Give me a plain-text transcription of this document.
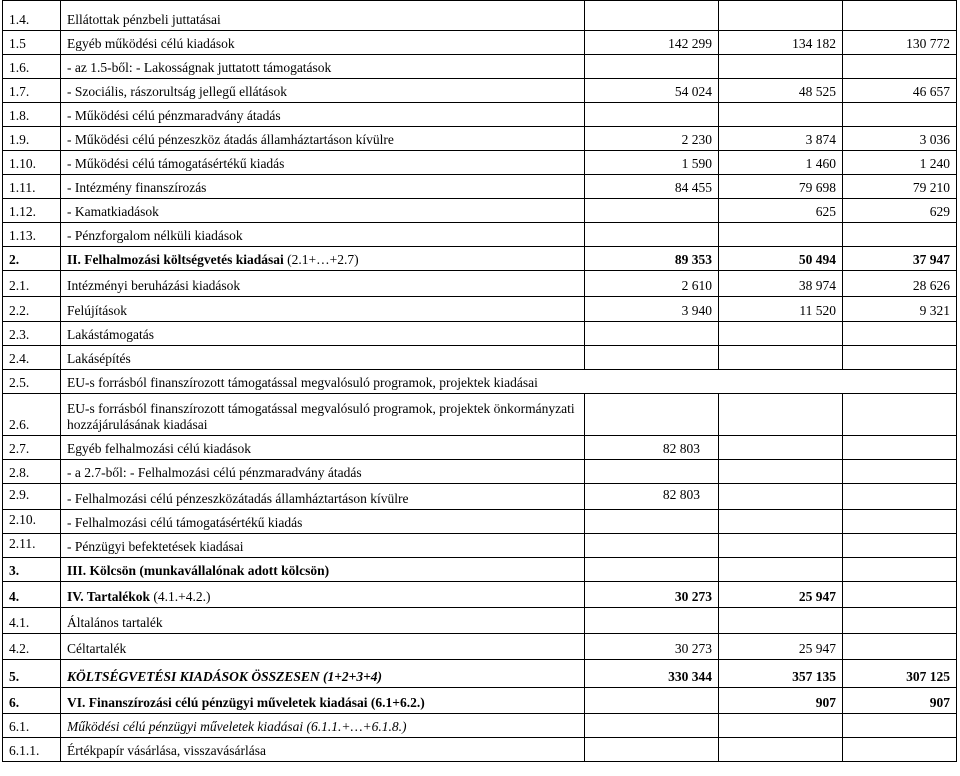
1.4.	Ellátottak pénzbeli juttatásai			
1.5	Egyéb működési célú kiadások	142 299	134 182	130 772
1.6.	- az 1.5-ből: - Lakosságnak juttatott támogatások			
1.7.	- Szociális, rászorultság jellegű ellátások	54 024	48 525	46 657
1.8.	- Működési célú pénzmaradvány átadás			
1.9.	- Működési célú pénzeszköz átadás államháztartáson kívülre	2 230	3 874	3 036
1.10.	- Működési célú támogatásértékű kiadás	1 590	1 460	1 240
1.11.	- Intézmény finanszírozás	84 455	79 698	79 210
1.12.	- Kamatkiadások		625	629
1.13.	- Pénzforgalom nélküli kiadások			
2.	II. Felhalmozási költségvetés kiadásai (2.1+…+2.7)	89 353	50 494	37 947
2.1.	Intézményi beruházási kiadások	2 610	38 974	28 626
2.2.	Felújítások	3 940	11 520	9 321
2.3.	Lakástámogatás			
2.4.	Lakásépítés			
2.5.	EU-s forrásból finanszírozott támogatással megvalósuló programok, projektek kiadásai			
2.6.	EU-s forrásból finanszírozott támogatással megvalósuló programok, projektek önkormányzati hozzájárulásának kiadásai			
2.7.	Egyéb felhalmozási célú kiadások	82 803		
2.8.	- a 2.7-ből: - Felhalmozási célú pénzmaradvány átadás			
2.9.	- Felhalmozási célú pénzeszközátadás államháztartáson kívülre	82 803		
2.10.	- Felhalmozási célú támogatásértékű kiadás			
2.11.	- Pénzügyi befektetések kiadásai			
3.	III. Kölcsön (munkavállalónak adott kölcsön)			
4.	IV. Tartalékok (4.1.+4.2.)	30 273	25 947	
4.1.	Általános tartalék			
4.2.	Céltartalék	30 273	25 947	
5.	KÖLTSÉGVETÉSI KIADÁSOK ÖSSZESEN (1+2+3+4)	330 344	357 135	307 125
6.	VI. Finanszírozási célú pénzügyi műveletek kiadásai (6.1+6.2.)		907	907
6.1.	Működési célú pénzügyi műveletek kiadásai (6.1.1.+…+6.1.8.)			
6.1.1.	Értékpapír vásárlása, visszavásárlása			
